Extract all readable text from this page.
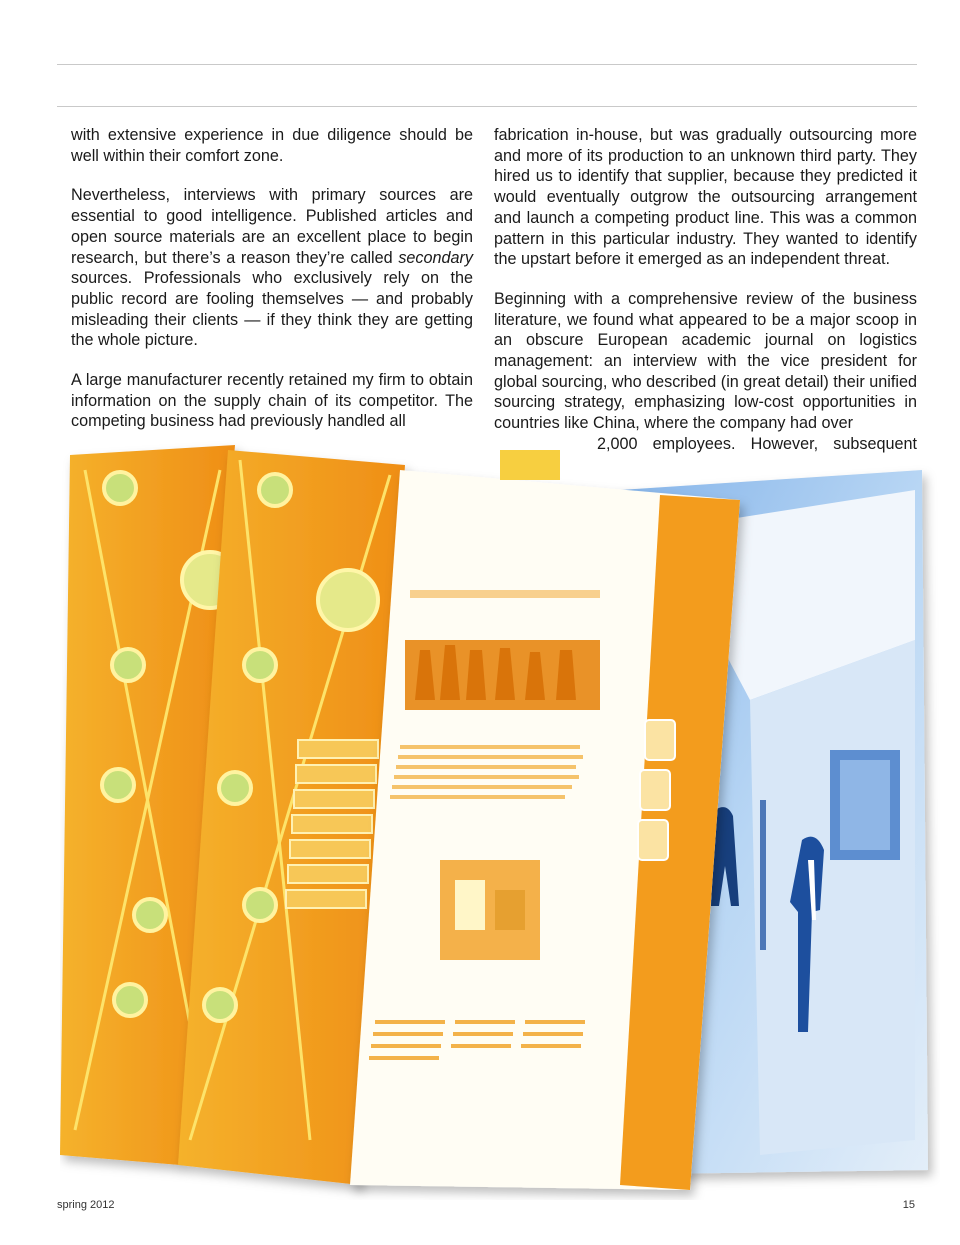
with extensive experience in due diligence should be well within their comfort zone.

Nevertheless, interviews with primary sources are essential to good intelligence. Published articles and open source materials are an excellent place to begin research, but there’s a reason they’re called secondary sources. Professionals who exclusively rely on the public record are fooling themselves — and probably misleading their clients — if they think they are getting the whole picture.

A large manufacturer recently retained my firm to obtain information on the supply chain of its competitor. The competing business had previously handled all

fabrication in-house, but was gradually outsourcing more and more of its production to an unknown third party. They hired us to identify that supplier, because they predicted it would eventually outgrow the outsourcing arrangement and launch a competing product line. This was a common pattern in this particular industry. They wanted to identify the upstart before it emerged as an independent threat.

Beginning with a comprehensive review of the business literature, we found what appeared to be a major scoop in an obscure European academic journal on logistics management: an interview with the vice president for global sourcing, who described (in great detail) their unified sourcing strategy, emphasizing low-cost opportunities in countries like China, where the company had over

2,000 employees. However, subsequent
spring 2012	15
